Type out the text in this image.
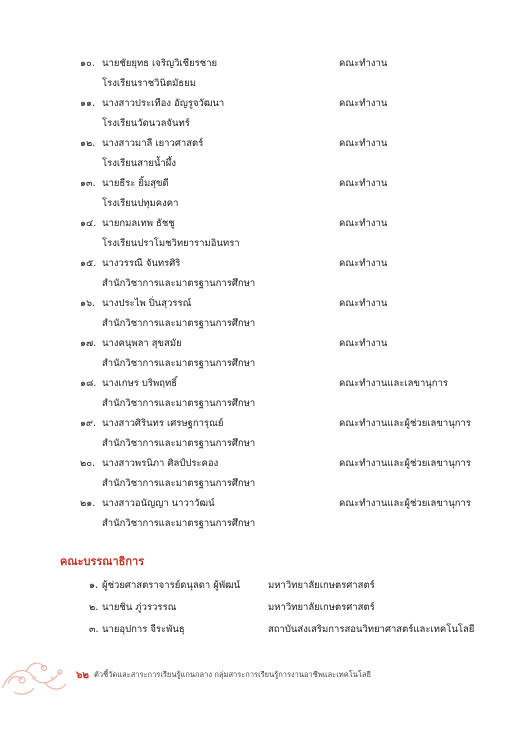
๑๐. นายชัยยุทธ เจริญวิเชียรชาย	คณะทำงาน
โรงเรียนราชวินิตมัธยม
๑๑. นางสาวประเทือง อัญรูจวัฒนา	คณะทำงาน
โรงเรียนวัดนวลจันทร์
๑๒. นางสาวมาลี เยาวศาสตร์	คณะทำงาน
โรงเรียนสายน้ำผึ้ง
๑๓. นายธีระ ยิ้มสุขดี	คณะทำงาน
โรงเรียนปทุมคงคา
๑๔. นายกมลเทพ ธัชชู	คณะทำงาน
โรงเรียนปราโมชวิทยารามอินทรา
๑๕. นางวรรณี จันทรศิริ	คณะทำงาน
สำนักวิชาการและมาตรฐานการศึกษา
๑๖. นางประไพ ปิ่นสุวรรณ์	คณะทำงาน
สำนักวิชาการและมาตรฐานการศึกษา
๑๗. นางคนุพลา สุขสมัย	คณะทำงาน
สำนักวิชาการและมาตรฐานการศึกษา
๑๘. นางเกษร บริพฤทธิ์	คณะทำงานและเลขานุการ
สำนักวิชาการและมาตรฐานการศึกษา
๑๙. นางสาวศิรินทร เศรษฐการุณย์	คณะทำงานและผู้ช่วยเลขานุการ
สำนักวิชาการและมาตรฐานการศึกษา
๒๐. นางสาวพรนิภา ศิลป์ประคอง	คณะทำงานและผู้ช่วยเลขานุการ
สำนักวิชาการและมาตรฐานการศึกษา
๒๑. นางสาวอนัญญา นาวาวัฒน์	คณะทำงานและผู้ช่วยเลขานุการ
สำนักวิชาการและมาตรฐานการศึกษา
คณะบรรณาธิการ
๑. ผู้ช่วยศาสตราจารย์ดนุลดา ผู้พัฒน์	มหาวิทยาลัยเกษตรศาสตร์
๒. นายชิน ภู่วรวรรณ	มหาวิทยาลัยเกษตรศาสตร์
๓. นายอุปการ จีระพันธุ	สถาบันส่งเสริมการสอนวิทยาศาสตร์และเทคโนโลยี
๖๒ ตัวชี้วัดและสาระการเรียนรู้แกนกลาง กลุ่มสาระการเรียนรู้การงานอาชีพและเทคโนโลยี
